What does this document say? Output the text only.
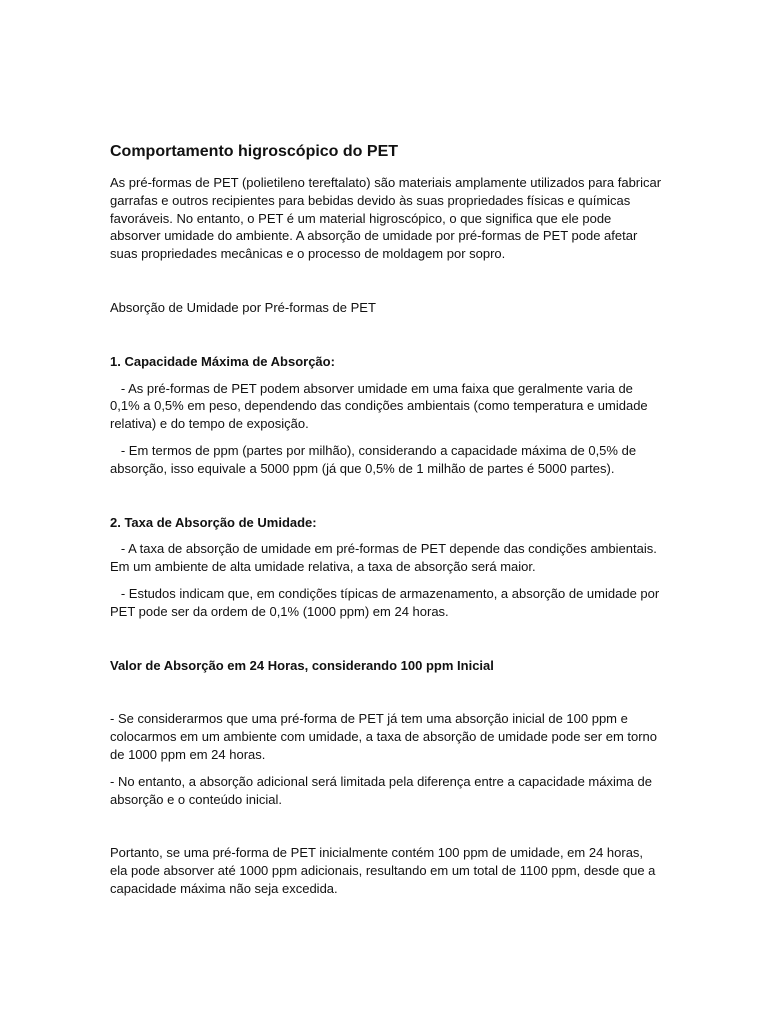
Comportamento higroscópico do PET

As pré-formas de PET (polietileno tereftalato) são materiais amplamente utilizados para fabricar garrafas e outros recipientes para bebidas devido às suas propriedades físicas e químicas favoráveis. No entanto, o PET é um material higroscópico, o que significa que ele pode absorver umidade do ambiente. A absorção de umidade por pré-formas de PET pode afetar suas propriedades mecânicas e o processo de moldagem por sopro.

Absorção de Umidade por Pré-formas de PET

1. Capacidade Máxima de Absorção:

- As pré-formas de PET podem absorver umidade em uma faixa que geralmente varia de 0,1% a 0,5% em peso, dependendo das condições ambientais (como temperatura e umidade relativa) e do tempo de exposição.

- Em termos de ppm (partes por milhão), considerando a capacidade máxima de 0,5% de absorção, isso equivale a 5000 ppm (já que 0,5% de 1 milhão de partes é 5000 partes).

2. Taxa de Absorção de Umidade:

- A taxa de absorção de umidade em pré-formas de PET depende das condições ambientais. Em um ambiente de alta umidade relativa, a taxa de absorção será maior.

- Estudos indicam que, em condições típicas de armazenamento, a absorção de umidade por PET pode ser da ordem de 0,1% (1000 ppm) em 24 horas.

Valor de Absorção em 24 Horas, considerando 100 ppm Inicial

- Se considerarmos que uma pré-forma de PET já tem uma absorção inicial de 100 ppm e colocarmos em um ambiente com umidade, a taxa de absorção de umidade pode ser em torno de 1000 ppm em 24 horas.

- No entanto, a absorção adicional será limitada pela diferença entre a capacidade máxima de absorção e o conteúdo inicial.

Portanto, se uma pré-forma de PET inicialmente contém 100 ppm de umidade, em 24 horas, ela pode absorver até 1000 ppm adicionais, resultando em um total de 1100 ppm, desde que a capacidade máxima não seja excedida.
